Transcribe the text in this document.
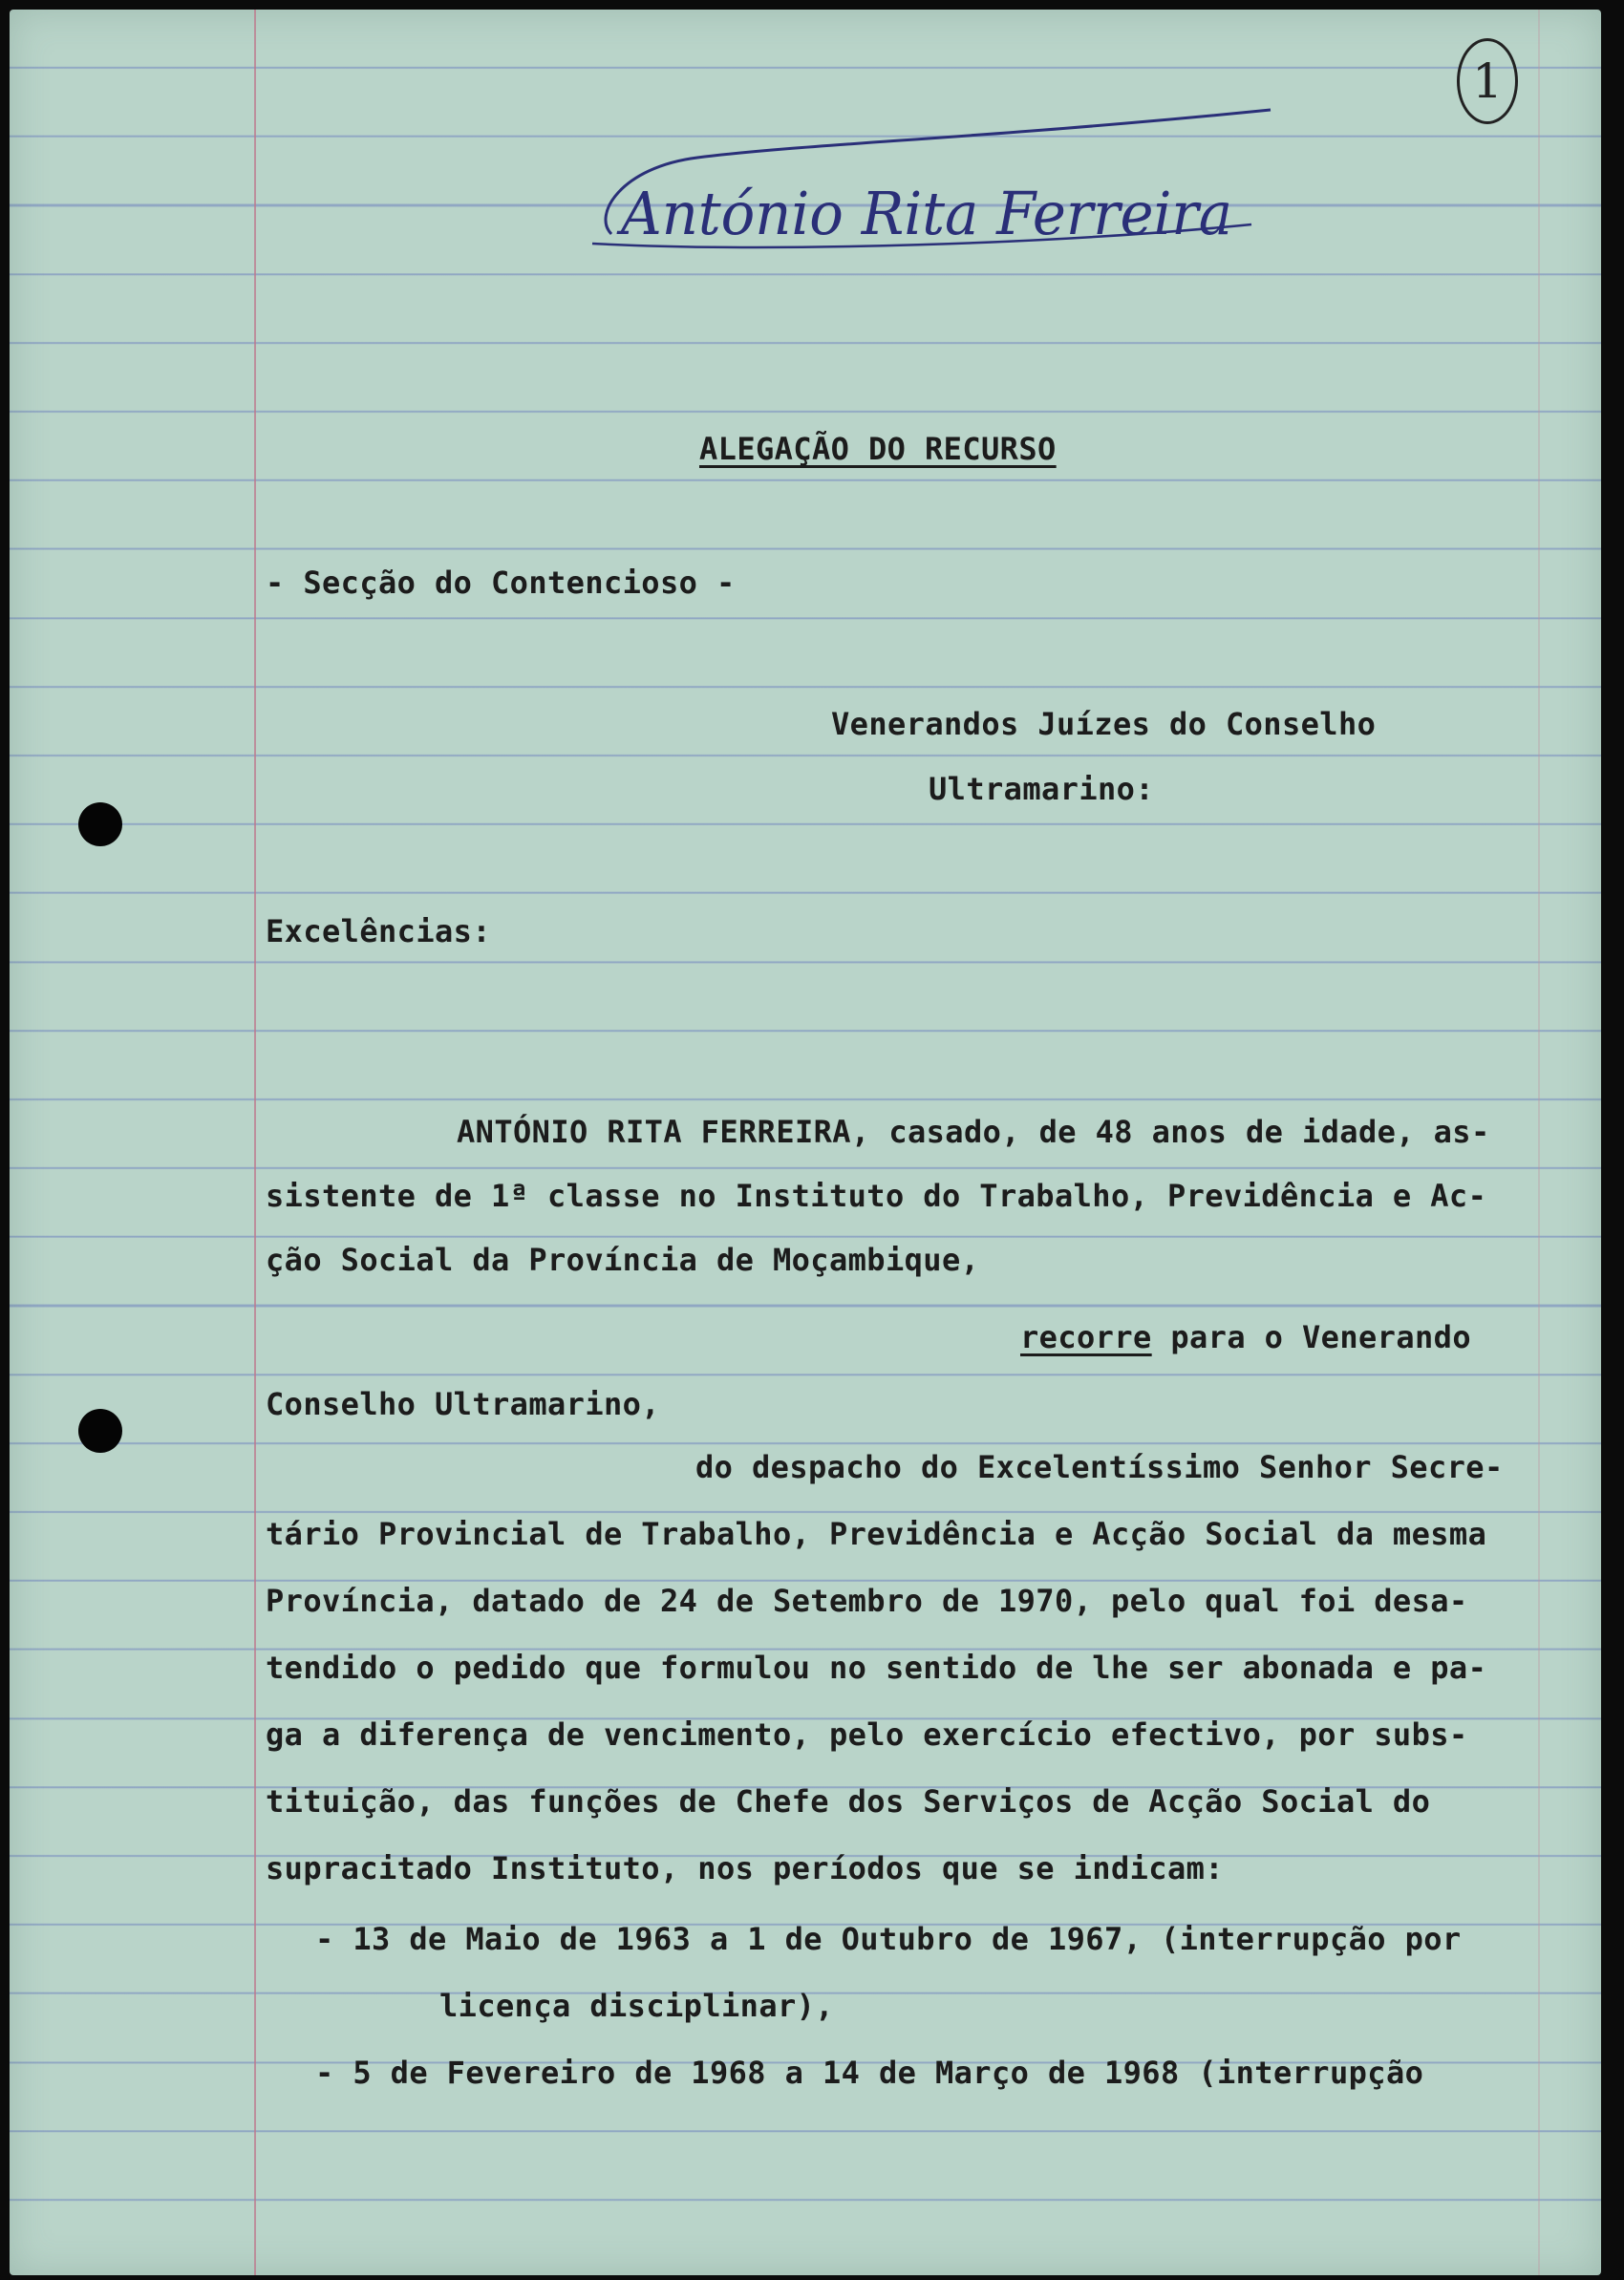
1
António Rita Ferreira
ALEGAÇÃO DO RECURSO
- Secção do Contencioso -
Venerandos Juízes do Conselho
Ultramarino:
Excelências:
ANTÓNIO RITA FERREIRA, casado, de 48 anos de idade, as-
sistente de 1ª classe no Instituto do Trabalho, Previdência e Ac-
ção Social da Província de Moçambique,
recorre para o Venerando
Conselho Ultramarino,
do despacho do Excelentíssimo Senhor Secre-
tário Provincial de Trabalho, Previdência e Acção Social da mesma
Província, datado de 24 de Setembro de 1970, pelo qual foi desa-
tendido o pedido que formulou no sentido de lhe ser abonada e pa-
ga a diferença de vencimento, pelo exercício efectivo, por subs-
tituição, das funções de Chefe dos Serviços de Acção Social do
supracitado Instituto, nos períodos que se indicam:
- 13 de Maio de 1963 a 1 de Outubro de 1967, (interrupção por
licença disciplinar),
- 5 de Fevereiro de 1968 a 14 de Março de 1968 (interrupção
